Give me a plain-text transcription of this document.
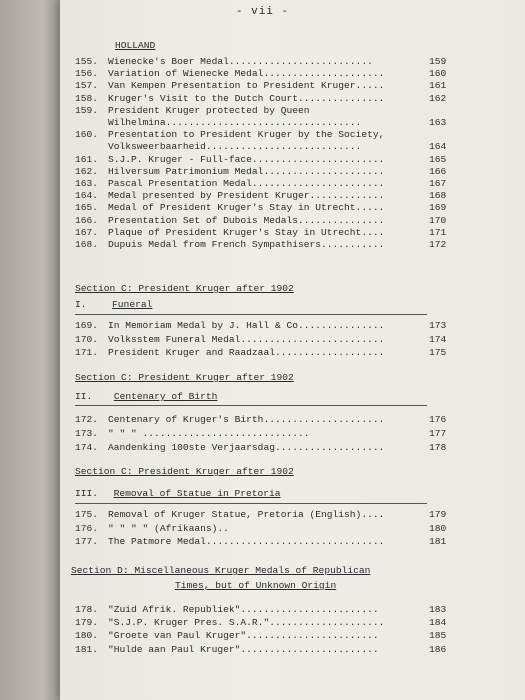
- vii -
HOLLAND
155.	Wienecke's Boer Medal.........................	159
156.	Variation of Wienecke Medal.....................	160
157.	Van Kempen Presentation to President Kruger.....	161
158.	Kruger's Visit to the Dutch Court...............	162
159.	President Kruger protected by Queen
Wilhelmina..................................	163
160.	Presentation to President Kruger by the Society,
Volksweerbaarheid...........................	164
161.	S.J.P. Kruger - Full-face.......................	165
162.	Hilversum Patrimonium Medal.....................	166
163.	Pascal Presentation Medal.......................	167
164.	Medal presented by President Kruger.............	168
165.	Medal of President Kruger's Stay in Utrecht.....	169
166.	Presentation Set of Dubois Medals...............	170
167.	Plaque of President Kruger's Stay in Utrecht....	171
168.	Dupuis Medal from French Sympathisers...........	172
Section C: President Kruger after 1902
I.	Funeral
169.	In Memoriam Medal by J. Hall & Co...............	173
170.	Volksstem Funeral Medal.........................	174
171.	President Kruger and Raadzaal...................	175
Section C: President Kruger after 1902
II. Centenary of Birth
172.	Centenary of Kruger's Birth.....................	176
173.	" " " .............................	177
174.	Aandenking 100ste Verjaarsdag...................	178
Section C: President Kruger after 1902
III. Removal of Statue in Pretoria
175.	Removal of Kruger Statue, Pretoria (English)....	179
176.	" " " " (Afrikaans)..	180
177.	The Patmore Medal...............................	181
Section D: Miscellaneous Kruger Medals of Republican
Times, but of Unknown Origin
178.	"Zuid Afrik. Republiek"........................	183
179.	"S.J.P. Kruger Pres. S.A.R."....................	184
180.	"Groete van Paul Kruger".......................	185
181.	"Hulde aan Paul Kruger"........................	186
